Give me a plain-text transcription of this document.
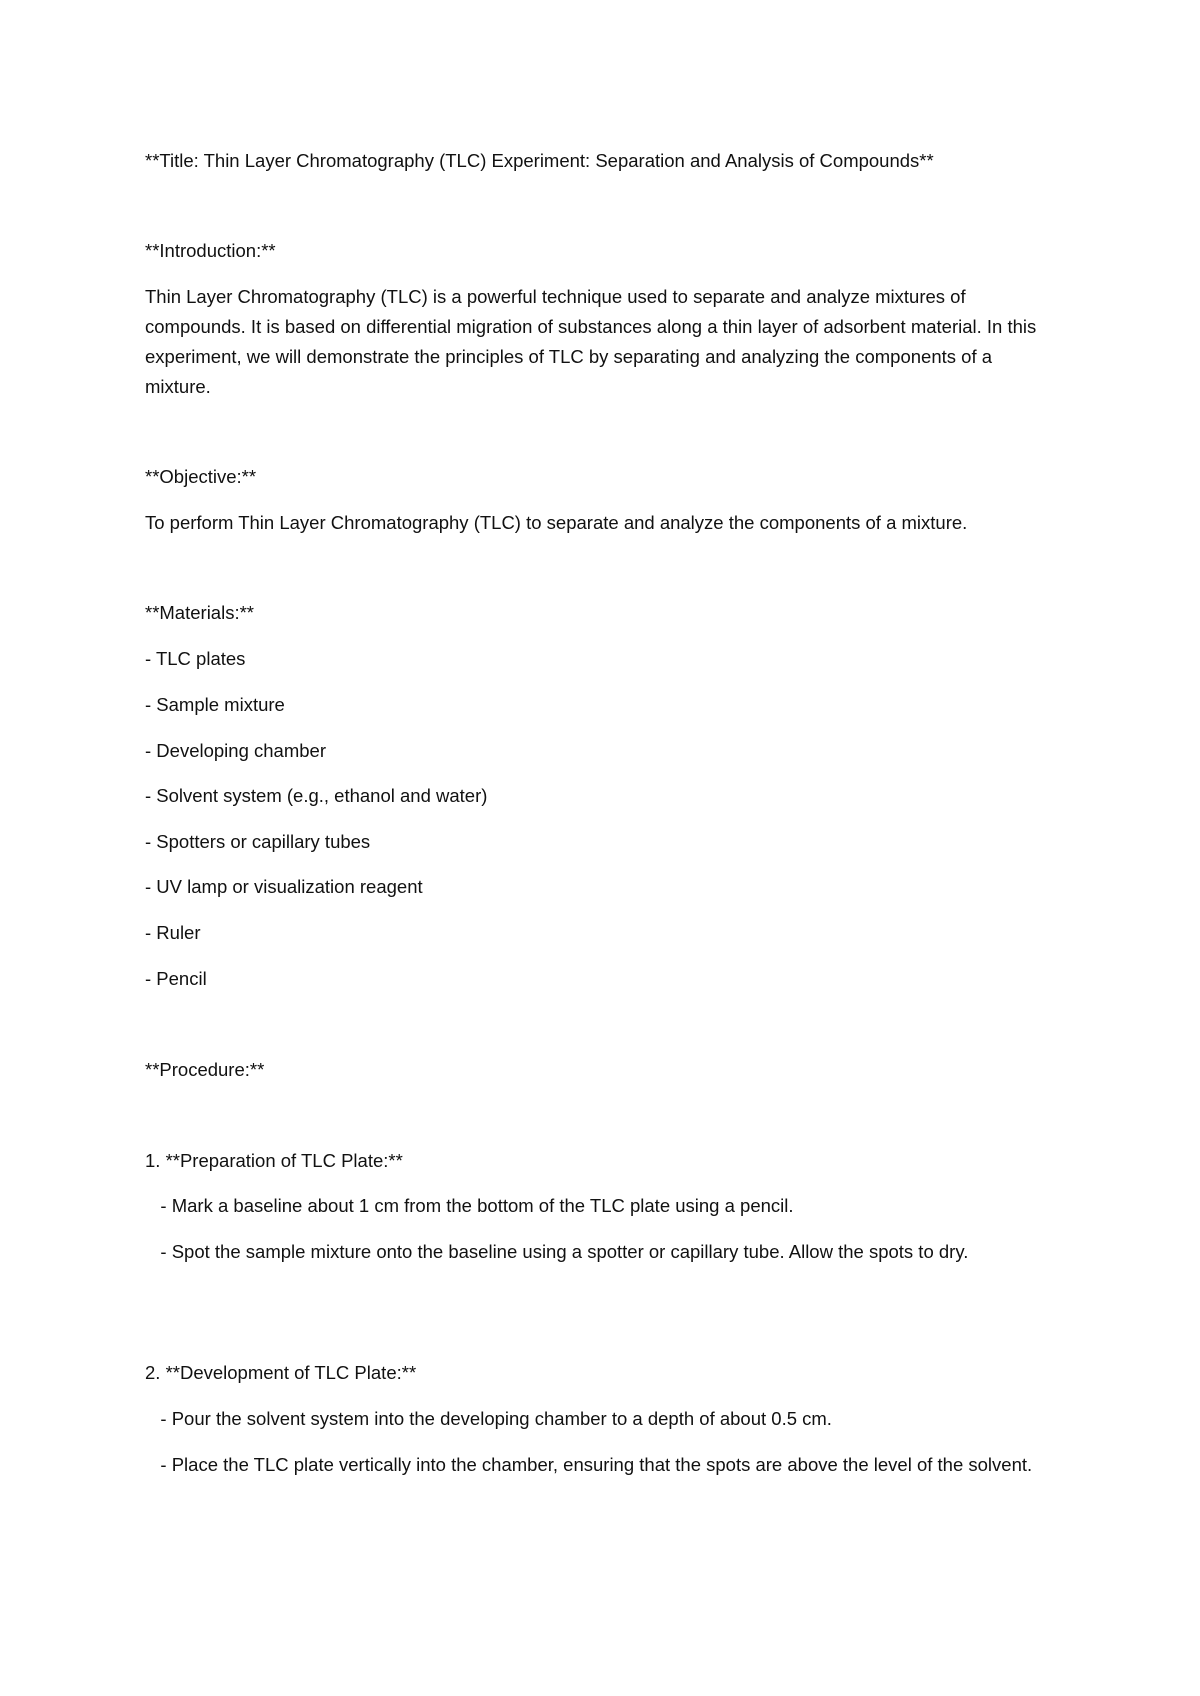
**Title: Thin Layer Chromatography (TLC) Experiment: Separation and Analysis of Compounds**
**Introduction:**
Thin Layer Chromatography (TLC) is a powerful technique used to separate and analyze mixtures of compounds. It is based on differential migration of substances along a thin layer of adsorbent material. In this experiment, we will demonstrate the principles of TLC by separating and analyzing the components of a mixture.
**Objective:**
To perform Thin Layer Chromatography (TLC) to separate and analyze the components of a mixture.
**Materials:**
- TLC plates
- Sample mixture
- Developing chamber
- Solvent system (e.g., ethanol and water)
- Spotters or capillary tubes
- UV lamp or visualization reagent
- Ruler
- Pencil
**Procedure:**
1. **Preparation of TLC Plate:**
- Mark a baseline about 1 cm from the bottom of the TLC plate using a pencil.
- Spot the sample mixture onto the baseline using a spotter or capillary tube. Allow the spots to dry.
2. **Development of TLC Plate:**
- Pour the solvent system into the developing chamber to a depth of about 0.5 cm.
- Place the TLC plate vertically into the chamber, ensuring that the spots are above the level of the solvent.
